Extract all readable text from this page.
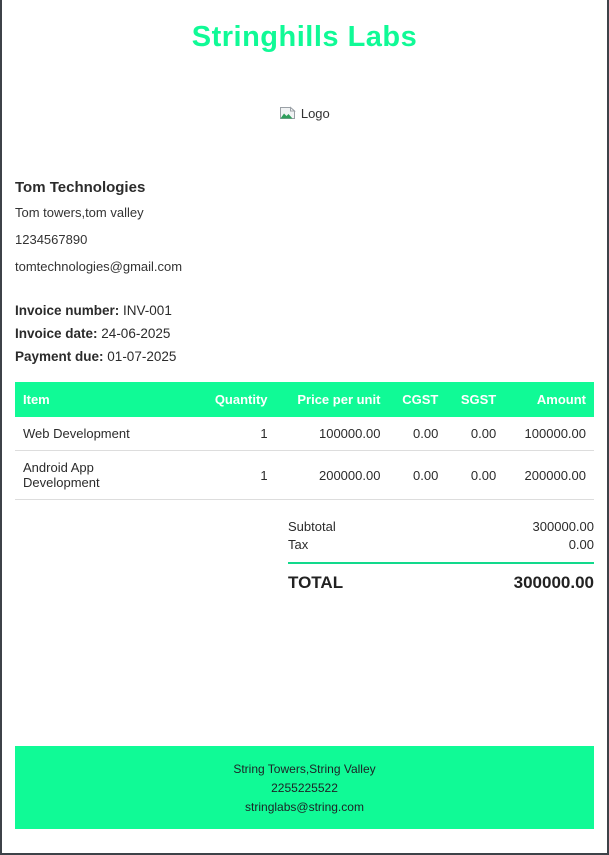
Stringhills Labs
Logo
Tom Technologies
Tom towers,tom valley
1234567890
tomtechnologies@gmail.com
Invoice number: INV-001
Invoice date: 24-06-2025
Payment due: 01-07-2025
Item	Quantity	Price per unit	CGST	SGST	Amount
Web Development	1	100000.00	0.00	0.00	100000.00
Android App Development	1	200000.00	0.00	0.00	200000.00
Subtotal	300000.00
Tax	0.00
TOTAL	300000.00
String Towers,String Valley
2255225522
stringlabs@string.com
